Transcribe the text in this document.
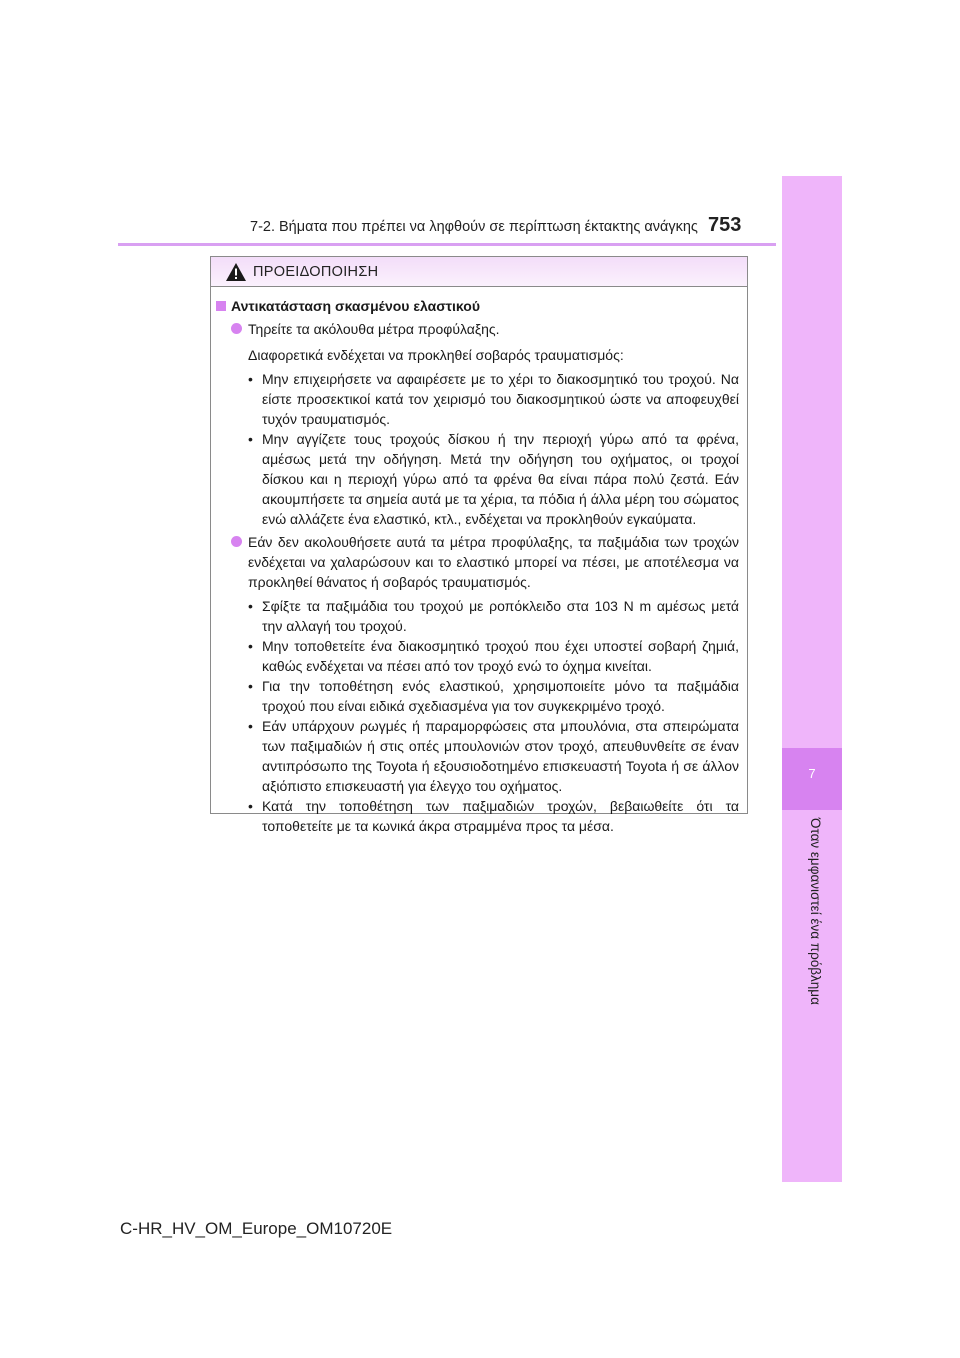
7
Όταν εμφανιστεί ένα πρόβλημα
7-2. Βήματα που πρέπει να ληφθούν σε περίπτωση έκτακτης ανάγκης 753
ΠΡΟΕΙΔΟΠΟΙΗΣΗ
Αντικατάσταση σκασμένου ελαστικού
Τηρείτε τα ακόλουθα μέτρα προφύλαξης.
Διαφορετικά ενδέχεται να προκληθεί σοβαρός τραυματισμός:
• Μην επιχειρήσετε να αφαιρέσετε με το χέρι το διακοσμητικό του τροχού. Να είστε προσεκτικοί κατά τον χειρισμό του διακοσμητικού ώστε να αποφευχθεί τυχόν τραυματισμός.
• Μην αγγίζετε τους τροχούς δίσκου ή την περιοχή γύρω από τα φρένα, αμέσως μετά την οδήγηση. Μετά την οδήγηση του οχήματος, οι τροχοί δίσκου και η περιοχή γύρω από τα φρένα θα είναι πάρα πολύ ζεστά. Εάν ακουμπήσετε τα σημεία αυτά με τα χέρια, τα πόδια ή άλλα μέρη του σώματος ενώ αλλάζετε ένα ελαστικό, κτλ., ενδέχεται να προκληθούν εγκαύματα.
Εάν δεν ακολουθήσετε αυτά τα μέτρα προφύλαξης, τα παξιμάδια των τροχών ενδέχεται να χαλαρώσουν και το ελαστικό μπορεί να πέσει, με αποτέλεσμα να προκληθεί θάνατος ή σοβαρός τραυματισμός.
• Σφίξτε τα παξιμάδια του τροχού με ροπόκλειδο στα 103 N m αμέσως μετά την αλλαγή του τροχού.
• Μην τοποθετείτε ένα διακοσμητικό τροχού που έχει υποστεί σοβαρή ζημιά, καθώς ενδέχεται να πέσει από τον τροχό ενώ το όχημα κινείται.
• Για την τοποθέτηση ενός ελαστικού, χρησιμοποιείτε μόνο τα παξιμάδια τροχού που είναι ειδικά σχεδιασμένα για τον συγκεκριμένο τροχό.
• Εάν υπάρχουν ρωγμές ή παραμορφώσεις στα μπουλόνια, στα σπειρώματα των παξιμαδιών ή στις οπές μπουλονιών στον τροχό, απευθυνθείτε σε έναν αντιπρόσωπο της Toyota ή εξουσιοδοτημένο επισκευαστή Toyota ή σε άλλον αξιόπιστο επισκευαστή για έλεγχο του οχήματος.
• Κατά την τοποθέτηση των παξιμαδιών τροχών, βεβαιωθείτε ότι τα τοποθετείτε με τα κωνικά άκρα στραμμένα προς τα μέσα.
C-HR_HV_OM_Europe_OM10720E
